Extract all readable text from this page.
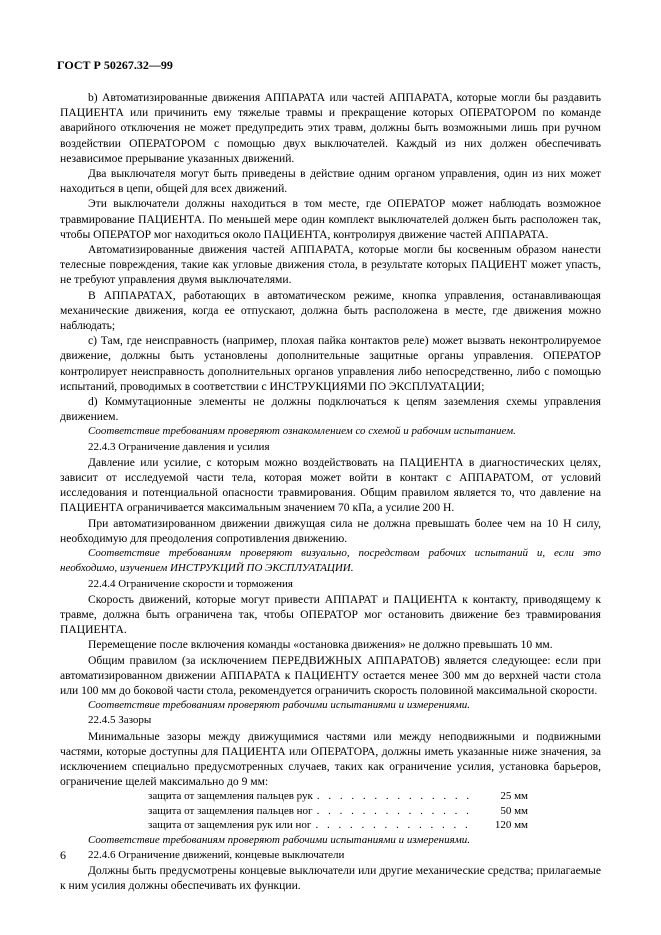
ГОСТ Р 50267.32—99

b) Автоматизированные движения АППАРАТА или частей АППАРАТА, которые могли бы раздавить ПАЦИЕНТА или причинить ему тяжелые травмы и прекращение которых ОПЕРАТОРОМ по команде аварийного отключения не может предупредить этих травм, должны быть возможными лишь при ручном воздействии ОПЕРАТОРОМ с помощью двух выключателей. Каждый из них должен обеспечивать независимое прерывание указанных движений.

Два выключателя могут быть приведены в действие одним органом управления, один из них может находиться в цепи, общей для всех движений.

Эти выключатели должны находиться в том месте, где ОПЕРАТОР может наблюдать возможное травмирование ПАЦИЕНТА. По меньшей мере один комплект выключателей должен быть расположен так, чтобы ОПЕРАТОР мог находиться около ПАЦИЕНТА, контролируя движение частей АППАРАТА.

Автоматизированные движения частей АППАРАТА, которые могли бы косвенным образом нанести телесные повреждения, такие как угловые движения стола, в результате которых ПАЦИЕНТ может упасть, не требуют управления двумя выключателями.

В АППАРАТАХ, работающих в автоматическом режиме, кнопка управления, останавливающая механические движения, когда ее отпускают, должна быть расположена в месте, где движения можно наблюдать;

c) Там, где неисправность (например, плохая пайка контактов реле) может вызвать неконтролируемое движение, должны быть установлены дополнительные защитные органы управления. ОПЕРАТОР контролирует неисправность дополнительных органов управления либо непосредственно, либо с помощью испытаний, проводимых в соответствии с ИНСТРУКЦИЯМИ ПО ЭКСПЛУАТАЦИИ;

d) Коммутационные элементы не должны подключаться к цепям заземления схемы управления движением.

Соответствие требованиям проверяют ознакомлением со схемой и рабочим испытанием.

22.4.3 Ограничение давления и усилия

Давление или усилие, с которым можно воздействовать на ПАЦИЕНТА в диагностических целях, зависит от исследуемой части тела, которая может войти в контакт с АППАРАТОМ, от условий исследования и потенциальной опасности травмирования. Общим правилом является то, что давление на ПАЦИЕНТА ограничивается максимальным значением 70 кПа, а усилие 200 Н.

При автоматизированном движении движущая сила не должна превышать более чем на 10 Н силу, необходимую для преодоления сопротивления движению.

Соответствие требованиям проверяют визуально, посредством рабочих испытаний и, если это необходимо, изучением ИНСТРУКЦИЙ ПО ЭКСПЛУАТАЦИИ.

22.4.4 Ограничение скорости и торможения

Скорость движений, которые могут привести АППАРАТ и ПАЦИЕНТА к контакту, приводящему к травме, должна быть ограничена так, чтобы ОПЕРАТОР мог остановить движение без травмирования ПАЦИЕНТА.

Перемещение после включения команды «остановка движения» не должно превышать 10 мм.

Общим правилом (за исключением ПЕРЕДВИЖНЫХ АППАРАТОВ) является следующее: если при автоматизированном движении АППАРАТА к ПАЦИЕНТУ остается менее 300 мм до верхней части стола или 100 мм до боковой части стола, рекомендуется ограничить скорость половиной максимальной скорости.

Соответствие требованиям проверяют рабочими испытаниями и измерениями.

22.4.5 Зазоры

Минимальные зазоры между движущимися частями или между неподвижными и подвижными частями, которые доступны для ПАЦИЕНТА или ОПЕРАТОРА, должны иметь указанные ниже значения, за исключением специально предусмотренных случаев, таких как ограничение усилия, установка барьеров, ограничение щелей максимально до 9 мм:

защита от защемления пальцев рук . . . . . . . . . . . . . .	25 мм
защита от защемления пальцев ног . . . . . . . . . . . . . .	50 мм
защита от защемления рук или ног . . . . . . . . . . . . . .	120 мм

Соответствие требованиям проверяют рабочими испытаниями и измерениями.

22.4.6 Ограничение движений, концевые выключатели

Должны быть предусмотрены концевые выключатели или другие механические средства; прилагаемые к ним усилия должны обеспечивать их функции.

6
